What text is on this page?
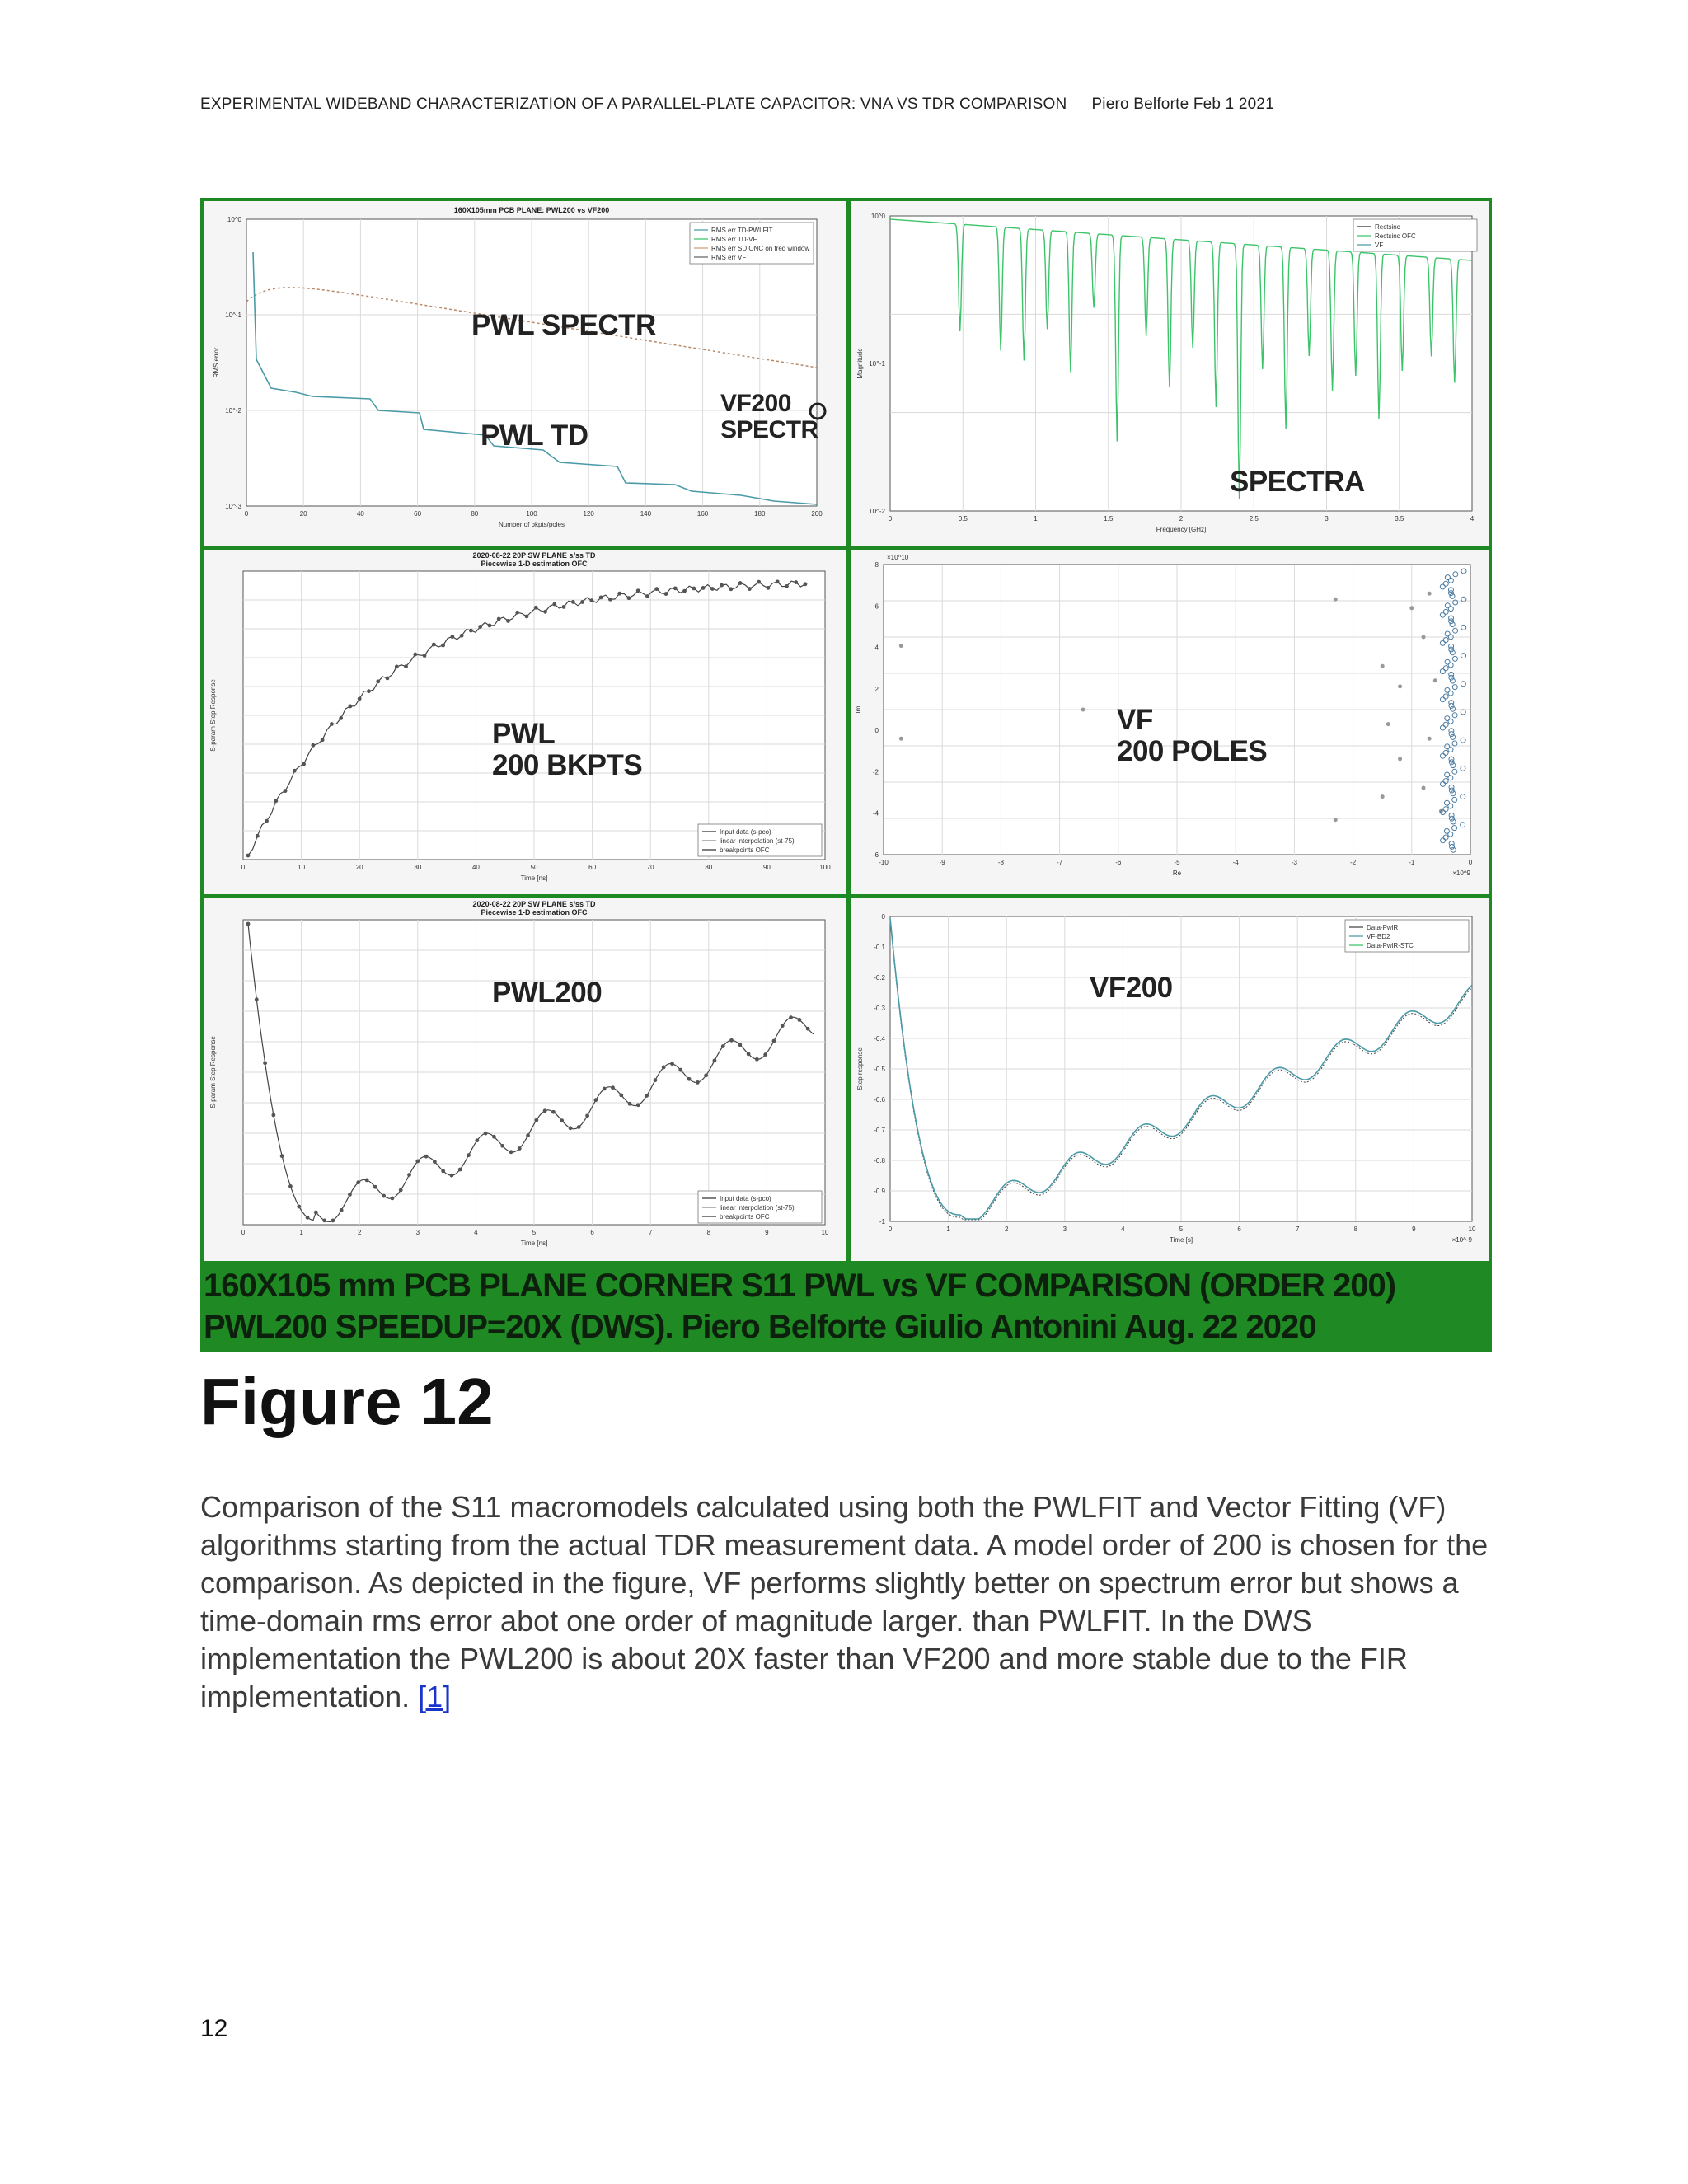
EXPERIMENTAL WIDEBAND CHARACTERIZATION OF A PARALLEL-PLATE CAPACITOR: VNA VS TDR COMPARISON Piero Belforte Feb 1 2021
160X105mm PCB PLANE: PWL200 vs VF200
0	20	40	60	80	100	120	140	160	180	200
10^0
10^-1
10^-2
10^-3
Number of bkpts/poles
RMS error
RMS err TD-PWLFIT
RMS err TD-VF
RMS err SD ONC on freq window
RMS err VF
PWL SPECTR
PWL TD
VF200
SPECTR
0	0.5	1	1.5	2	2.5	3	3.5	4
10^0
10^-1
10^-2
Frequency [GHz]
Magnitude
Rectsinc
Rectsinc OFC
VF
SPECTRA
2020-08-22 20P SW PLANE s/ss TD
Piecewise 1-D estimation OFC
0	10	20	30	40	50	60	70	80	90	100
Time [ns]
S-param Step Response
Input data (s-pco)
linear interpolation (st-75)
breakpoints OFC
PWL
200 BKPTS
-10	-9	-8	-7	-6	-5	-4	-3	-2	-1	0
8
6
4
2
0
-2
-4
-6
Re
Im
×10^10
×10^9
VF
200 POLES
2020-08-22 20P SW PLANE s/ss TD
Piecewise 1-D estimation OFC
0	1	2	3	4	5	6	7	8	9	10
Time [ns]
S-param Step Response
Input data (s-pco)
linear interpolation (st-75)
breakpoints OFC
PWL200
0	1	2	3	4	5	6	7	8	9	10
0
-0.1
-0.2
-0.3
-0.4
-0.5
-0.6
-0.7
-0.8
-0.9
-1
Time [s]	×10^-9
Step response
Data-PwlR
VF-BD2
Data-PwlR-STC
VF200
160X105 mm PCB PLANE CORNER S11 PWL vs VF COMPARISON (ORDER 200)
PWL200 SPEEDUP=20X (DWS). Piero Belforte Giulio Antonini Aug. 22 2020
Figure 12
Comparison of the S11 macromodels calculated using both the PWLFIT and Vector Fitting (VF) algorithms starting from the actual TDR measurement data. A model order of 200 is chosen for the comparison. As depicted in the figure, VF performs slightly better on spectrum error but shows a time-domain rms error abot one order of magnitude larger. than PWLFIT. In the DWS implementation the PWL200 is about 20X faster than VF200 and more stable due to the FIR implementation. [1]
12
